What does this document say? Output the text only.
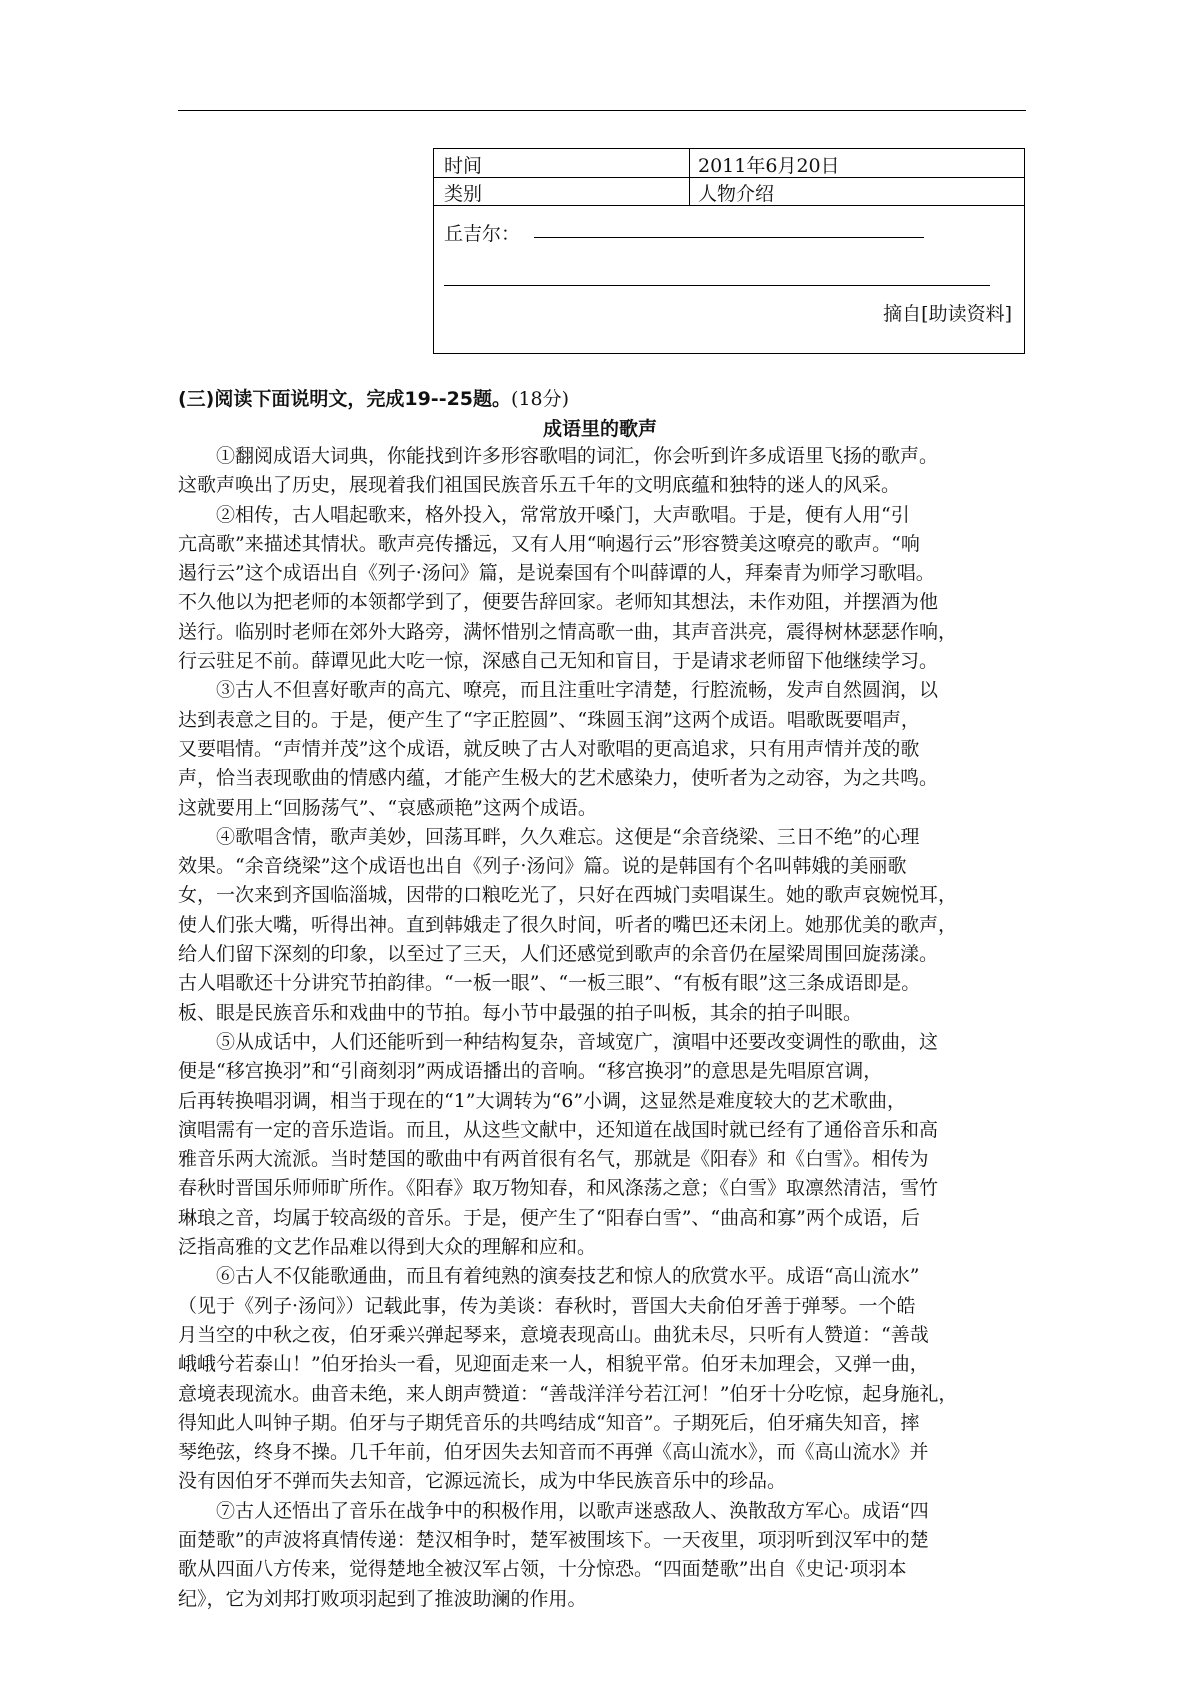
时间	2011年6月20日
类别	人物介绍
丘吉尔：
摘自[助读资料]
(三)阅读下面说明文，完成19--25题。(18分)
成语里的歌声
①翻阅成语大词典，你能找到许多形容歌唱的词汇，你会听到许多成语里飞扬的歌声。
这歌声唤出了历史，展现着我们祖国民族音乐五千年的文明底蕴和独特的迷人的风采。
②相传，古人唱起歌来，格外投入，常常放开嗓门，大声歌唱。于是，便有人用“引
亢高歌”来描述其情状。歌声亮传播远，又有人用“响遏行云”形容赞美这嘹亮的歌声。“响
遏行云”这个成语出自《列子·汤问》篇，是说秦国有个叫薛谭的人，拜秦青为师学习歌唱。
不久他以为把老师的本领都学到了，便要告辞回家。老师知其想法，未作劝阻，并摆酒为他
送行。临别时老师在郊外大路旁，满怀惜别之情高歌一曲，其声音洪亮，震得树林瑟瑟作响，
行云驻足不前。薛谭见此大吃一惊，深感自己无知和盲目，于是请求老师留下他继续学习。
③古人不但喜好歌声的高亢、嘹亮，而且注重吐字清楚，行腔流畅，发声自然圆润，以
达到表意之目的。于是，便产生了“字正腔圆”、“珠圆玉润”这两个成语。唱歌既要唱声，
又要唱情。“声情并茂”这个成语，就反映了古人对歌唱的更高追求，只有用声情并茂的歌
声，恰当表现歌曲的情感内蕴，才能产生极大的艺术感染力，使听者为之动容，为之共鸣。
这就要用上“回肠荡气”、“哀感顽艳”这两个成语。
④歌唱含情，歌声美妙，回荡耳畔，久久难忘。这便是“余音绕梁、三日不绝”的心理
效果。“余音绕梁”这个成语也出自《列子·汤问》篇。说的是韩国有个名叫韩娥的美丽歌
女，一次来到齐国临淄城，因带的口粮吃光了，只好在西城门卖唱谋生。她的歌声哀婉悦耳，
使人们张大嘴，听得出神。直到韩娥走了很久时间，听者的嘴巴还未闭上。她那优美的歌声，
给人们留下深刻的印象，以至过了三天，人们还感觉到歌声的余音仍在屋梁周围回旋荡漾。
古人唱歌还十分讲究节拍韵律。“一板一眼”、“一板三眼”、“有板有眼”这三条成语即是。
板、眼是民族音乐和戏曲中的节拍。每小节中最强的拍子叫板，其余的拍子叫眼。
⑤从成话中，人们还能听到一种结构复杂，音域宽广，演唱中还要改变调性的歌曲，这
便是“移宫换羽”和“引商刻羽”两成语播出的音响。“移宫换羽”的意思是先唱原宫调，
后再转换唱羽调，相当于现在的“1”大调转为“6”小调，这显然是难度较大的艺术歌曲，
演唱需有一定的音乐造诣。而且，从这些文献中，还知道在战国时就已经有了通俗音乐和高
雅音乐两大流派。当时楚国的歌曲中有两首很有名气，那就是《阳春》和《白雪》。相传为
春秋时晋国乐师师旷所作。《阳春》取万物知春，和风涤荡之意；《白雪》取凛然清洁，雪竹
琳琅之音，均属于较高级的音乐。于是，便产生了“阳春白雪”、“曲高和寡”两个成语，后
泛指高雅的文艺作品难以得到大众的理解和应和。
⑥古人不仅能歌通曲，而且有着纯熟的演奏技艺和惊人的欣赏水平。成语“高山流水”
（见于《列子·汤问》）记载此事，传为美谈：春秋时，晋国大夫俞伯牙善于弹琴。一个皓
月当空的中秋之夜，伯牙乘兴弹起琴来，意境表现高山。曲犹未尽，只听有人赞道：“善哉
峨峨兮若泰山！”伯牙抬头一看，见迎面走来一人，相貌平常。伯牙未加理会，又弹一曲，
意境表现流水。曲音未绝，来人朗声赞道：“善哉洋洋兮若江河！”伯牙十分吃惊，起身施礼，
得知此人叫钟子期。伯牙与子期凭音乐的共鸣结成“知音”。子期死后，伯牙痛失知音，摔
琴绝弦，终身不操。几千年前，伯牙因失去知音而不再弹《高山流水》，而《高山流水》并
没有因伯牙不弹而失去知音，它源远流长，成为中华民族音乐中的珍品。
⑦古人还悟出了音乐在战争中的积极作用，以歌声迷惑敌人、涣散敌方军心。成语“四
面楚歌”的声波将真情传递：楚汉相争时，楚军被围垓下。一天夜里，项羽听到汉军中的楚
歌从四面八方传来，觉得楚地全被汉军占领，十分惊恐。“四面楚歌”出自《史记·项羽本
纪》，它为刘邦打败项羽起到了推波助澜的作用。
